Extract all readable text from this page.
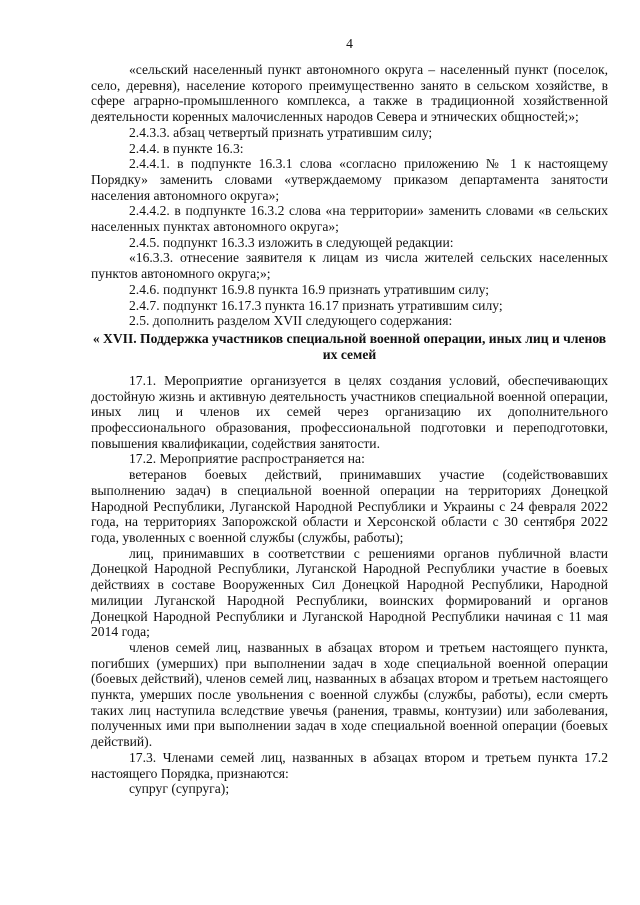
4

«сельский населенный пункт автономного округа – населенный пункт (поселок, село, деревня), население которого преимущественно занято в сельском хозяйстве, в сфере аграрно-промышленного комплекса, а также в традиционной хозяйственной деятельности коренных малочисленных народов Севера и этнических общностей;»;

2.4.3.3. абзац четвертый признать утратившим силу;

2.4.4. в пункте 16.3:

2.4.4.1. в подпункте 16.3.1 слова «согласно приложению № 1 к настоящему Порядку» заменить словами «утверждаемому приказом департамента занятости населения автономного округа»;

2.4.4.2. в подпункте 16.3.2 слова «на территории» заменить словами «в сельских населенных пунктах автономного округа»;

2.4.5. подпункт 16.3.3 изложить в следующей редакции:

«16.3.3. отнесение заявителя к лицам из числа жителей сельских населенных пунктов автономного округа;»;

2.4.6. подпункт 16.9.8 пункта 16.9 признать утратившим силу;

2.4.7. подпункт 16.17.3 пункта 16.17 признать утратившим силу;

2.5. дополнить разделом XVII следующего содержания:

« XVII. Поддержка участников специальной военной операции, иных лиц и членов их семей

17.1. Мероприятие организуется в целях создания условий, обеспечивающих достойную жизнь и активную деятельность участников специальной военной операции, иных лиц и членов их семей через организацию их дополнительного профессионального образования, профессиональной подготовки и переподготовки, повышения квалификации, содействия занятости.

17.2. Мероприятие распространяется на:

ветеранов боевых действий, принимавших участие (содействовавших выполнению задач) в специальной военной операции на территориях Донецкой Народной Республики, Луганской Народной Республики и Украины с 24 февраля 2022 года, на территориях Запорожской области и Херсонской области с 30 сентября 2022 года, уволенных с военной службы (службы, работы);

лиц, принимавших в соответствии с решениями органов публичной власти Донецкой Народной Республики, Луганской Народной Республики участие в боевых действиях в составе Вооруженных Сил Донецкой Народной Республики, Народной милиции Луганской Народной Республики, воинских формирований и органов Донецкой Народной Республики и Луганской Народной Республики начиная с 11 мая 2014 года;

членов семей лиц, названных в абзацах втором и третьем настоящего пункта, погибших (умерших) при выполнении задач в ходе специальной военной операции (боевых действий), членов семей лиц, названных в абзацах втором и третьем настоящего пункта, умерших после увольнения с военной службы (службы, работы), если смерть таких лиц наступила вследствие увечья (ранения, травмы, контузии) или заболевания, полученных ими при выполнении задач в ходе специальной военной операции (боевых действий).

17.3. Членами семей лиц, названных в абзацах втором и третьем пункта 17.2 настоящего Порядка, признаются:

супруг (супруга);
